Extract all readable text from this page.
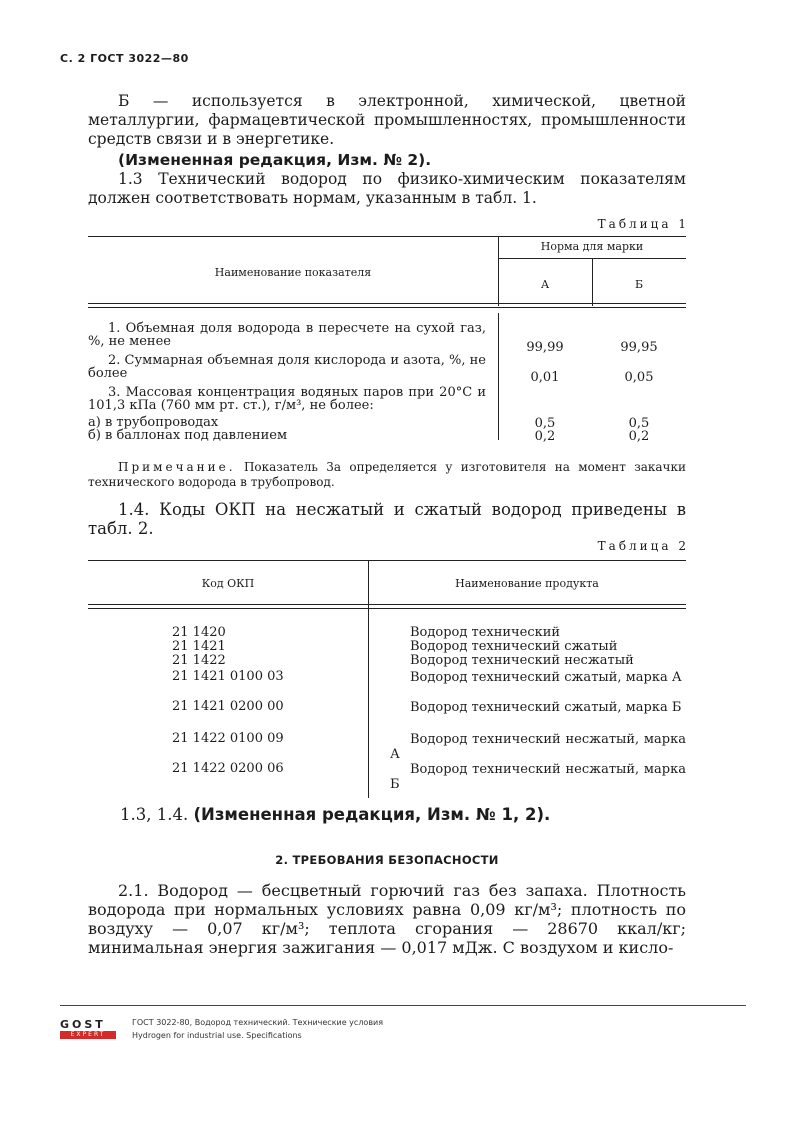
С. 2 ГОСТ 3022—80
Б — используется в электронной, химической, цветной металлургии, фармацевтической промышленностях, промышленности средств связи и в энергетике.
(Измененная редакция, Изм. № 2).
1.3 Технический водород по физико-химическим показателям должен соответствовать нормам, указанным в табл. 1.
Таблица 1
Наименование показателя
Норма для марки
А	Б
1. Объемная доля водорода в пересчете на сухой газ, %, не менее	99,99	99,95
2. Суммарная объемная доля кислорода и азота, %, не более	0,01	0,05
3. Массовая концентрация водяных паров при 20°С и 101,3 кПа (760 мм рт. ст.), г/м³, не более:
а) в трубопроводах	0,5	0,5
б) в баллонах под давлением	0,2	0,2
Примечание. Показатель 3а определяется у изготовителя на момент закачки технического водорода в трубопровод.
1.4. Коды ОКП на несжатый и сжатый водород приведены в табл. 2.
Таблица 2
Код ОКП	Наименование продукта
21 1420	Водород технический
21 1421	Водород технический сжатый
21 1422	Водород технический несжатый
21 1421 0100 03	Водород технический сжатый, марка А
21 1421 0200 00	Водород технический сжатый, марка Б
21 1422 0100 09	Водород технический несжатый, марка А
21 1422 0200 06	Водород технический несжатый, марка Б
1.3, 1.4. (Измененная редакция, Изм. № 1, 2).
2. ТРЕБОВАНИЯ БЕЗОПАСНОСТИ
2.1. Водород — бесцветный горючий газ без запаха. Плотность водорода при нормальных условиях равна 0,09 кг/м³; плотность по воздуху — 0,07 кг/м³; теплота сгорания — 28670 ккал/кг; минимальная энергия зажигания — 0,017 мДж. С воздухом и кисло-
GOST
EXPERT
ГОСТ 3022-80, Водород технический. Технические условия
Hydrogen for industrial use. Specifications
